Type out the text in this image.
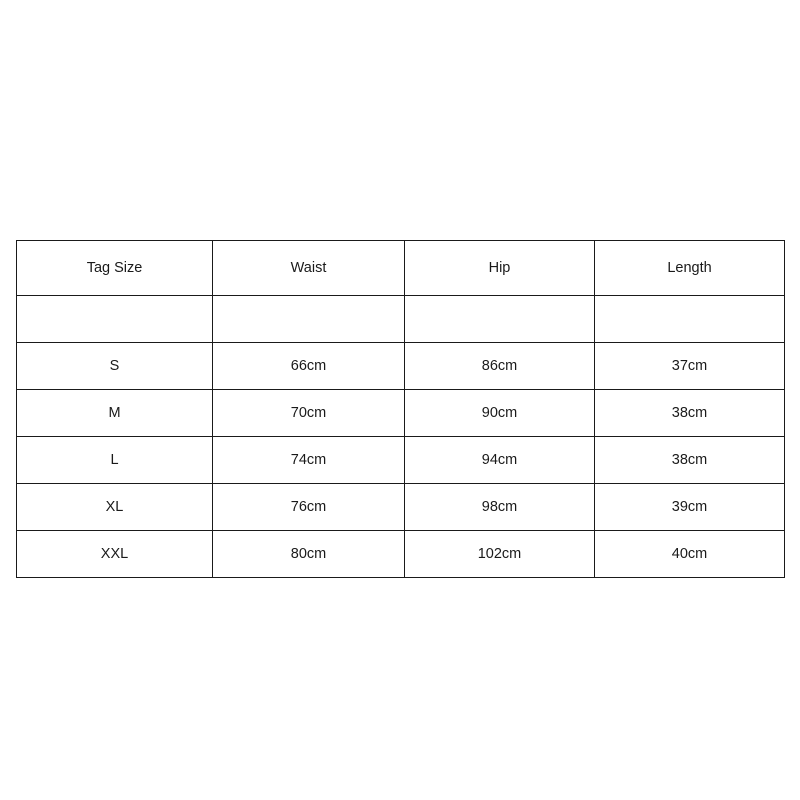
Tag Size	Waist	Hip	Length

S	66cm	86cm	37cm
M	70cm	90cm	38cm
L	74cm	94cm	38cm
XL	76cm	98cm	39cm
XXL	80cm	102cm	40cm
